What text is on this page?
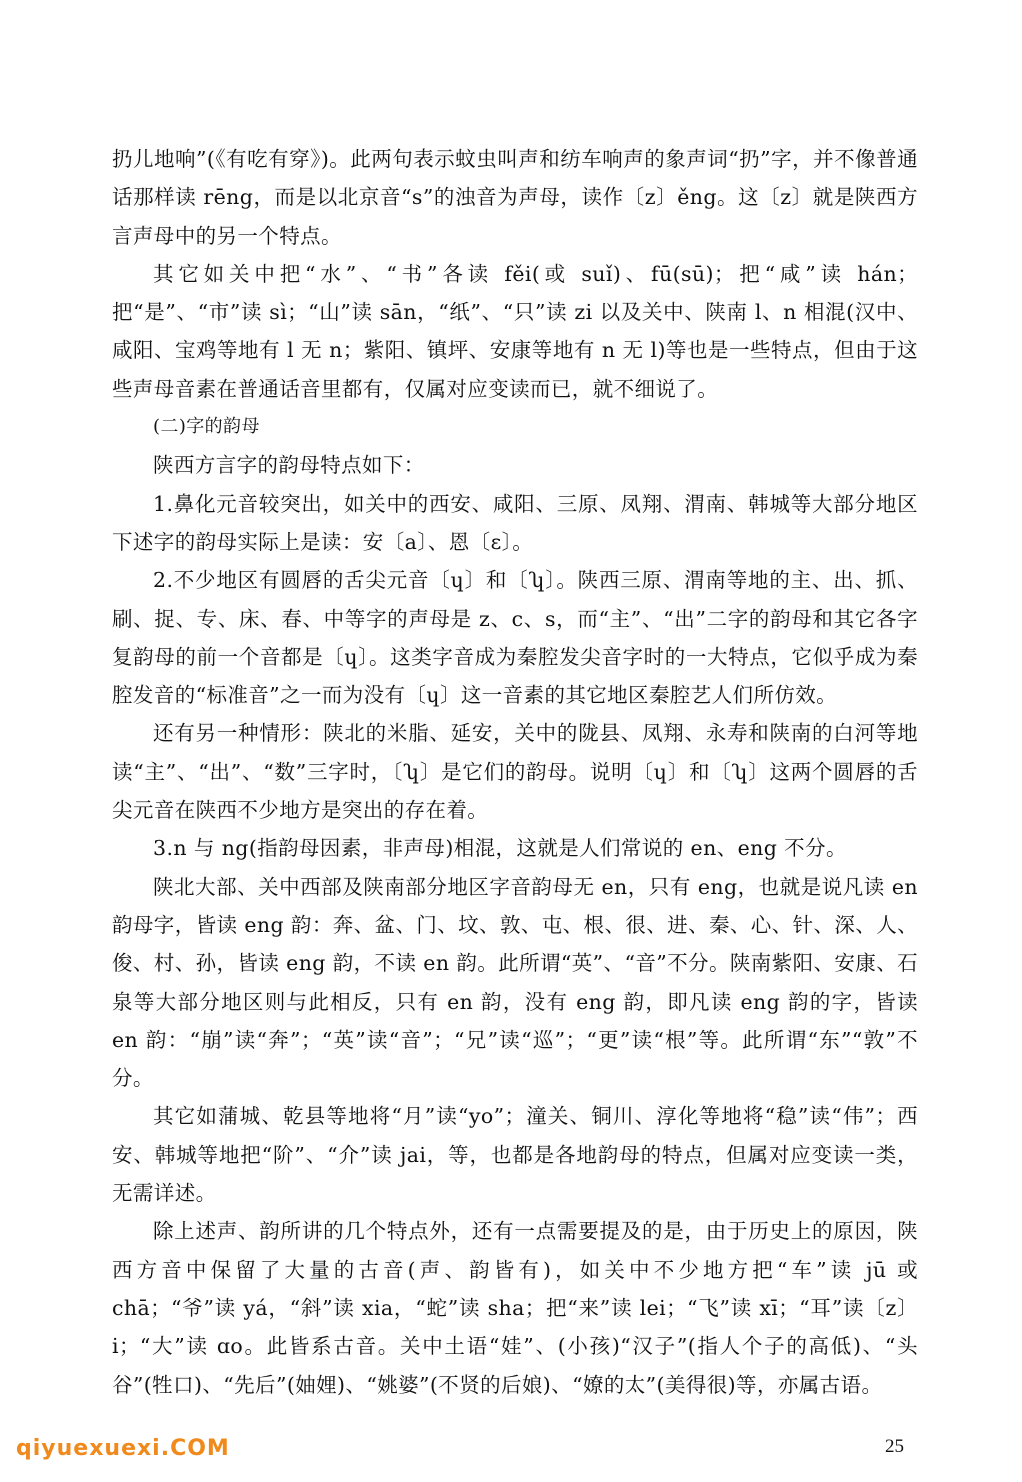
扔儿地响”(《有吃有穿》)。此两句表示蚊虫叫声和纺车响声的象声词“扔”字，并不像普通话那样读 rēng，而是以北京音“s”的浊音为声母，读作〔z〕ěng。这〔z〕就是陕西方言声母中的另一个特点。

其它如关中把“水”、“书”各读 fěi(或 suǐ)、fū(sū)；把“咸”读 hán；把“是”、“市”读 sì；“山”读 sān，“纸”、“只”读 zi 以及关中、陕南 l、n 相混(汉中、咸阳、宝鸡等地有 l 无 n；紫阳、镇坪、安康等地有 n 无 l)等也是一些特点，但由于这些声母音素在普通话音里都有，仅属对应变读而已，就不细说了。

(二)字的韵母

陕西方言字的韵母特点如下：

1.鼻化元音较突出，如关中的西安、咸阳、三原、凤翔、渭南、韩城等大部分地区下述字的韵母实际上是读：安〔a〕、恩〔ɛ〕。

2.不少地区有圆唇的舌尖元音〔ɥ〕和〔ʮ〕。陕西三原、渭南等地的主、出、抓、刷、捉、专、床、春、中等字的声母是 z、c、s，而“主”、“出”二字的韵母和其它各字复韵母的前一个音都是〔ɥ〕。这类字音成为秦腔发尖音字时的一大特点，它似乎成为秦腔发音的“标准音”之一而为没有〔ɥ〕这一音素的其它地区秦腔艺人们所仿效。

还有另一种情形：陕北的米脂、延安，关中的陇县、凤翔、永寿和陕南的白河等地读“主”、“出”、“数”三字时，〔ʮ〕是它们的韵母。说明〔ɥ〕和〔ʮ〕这两个圆唇的舌尖元音在陕西不少地方是突出的存在着。

3.n 与 ng(指韵母因素，非声母)相混，这就是人们常说的 en、eng 不分。

陕北大部、关中西部及陕南部分地区字音韵母无 en，只有 eng，也就是说凡读 en 韵母字，皆读 eng 韵：奔、盆、门、坟、敦、屯、根、很、进、秦、心、针、深、人、俊、村、孙，皆读 eng 韵，不读 en 韵。此所谓“英”、“音”不分。陕南紫阳、安康、石泉等大部分地区则与此相反，只有 en 韵，没有 eng 韵，即凡读 eng 韵的字，皆读 en 韵：“崩”读“奔”；“英”读“音”；“兄”读“巡”；“更”读“根”等。此所谓“东”“敦”不分。

其它如蒲城、乾县等地将“月”读“yo”；潼关、铜川、淳化等地将“稳”读“伟”；西安、韩城等地把“阶”、“介”读 jai，等，也都是各地韵母的特点，但属对应变读一类，无需详述。

除上述声、韵所讲的几个特点外，还有一点需要提及的是，由于历史上的原因，陕西方音中保留了大量的古音(声、韵皆有)，如关中不少地方把“车”读 jū 或 chā；“爷”读 yá，“斜”读 xia，“蛇”读 sha；把“来”读 lei；“飞”读 xī；“耳”读〔z〕i；“大”读 ɑo。此皆系古音。关中土语“娃”、(小孩)“汉子”(指人个子的高低)、“头谷”(牲口)、“先后”(妯娌)、“姚婆”(不贤的后娘)、“嫽的太”(美得很)等，亦属古语。

25
qiyuexuexi.COM
